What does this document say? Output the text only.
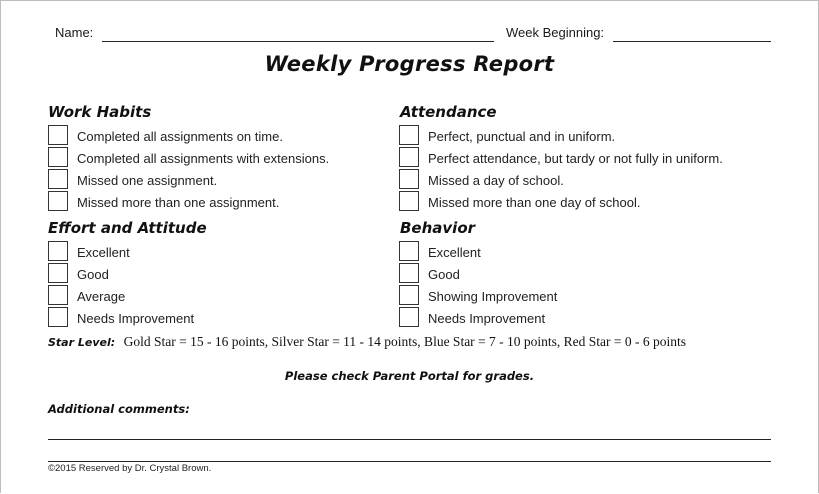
Name:	Week Beginning:
Weekly Progress Report
Work Habits
Completed all assignments on time.
Completed all assignments with extensions.
Missed one assignment.
Missed more than one assignment.
Attendance
Perfect, punctual and in uniform.
Perfect attendance, but tardy or not fully in uniform.
Missed a day of school.
Missed more than one day of school.
Effort and Attitude
Excellent
Good
Average
Needs Improvement
Behavior
Excellent
Good
Showing Improvement
Needs Improvement
Star Level: Gold Star = 15 - 16 points, Silver Star = 11 - 14 points, Blue Star = 7 - 10 points, Red Star = 0 - 6 points
Please check Parent Portal for grades.
Additional comments:
©2015 Reserved by Dr. Crystal Brown.
